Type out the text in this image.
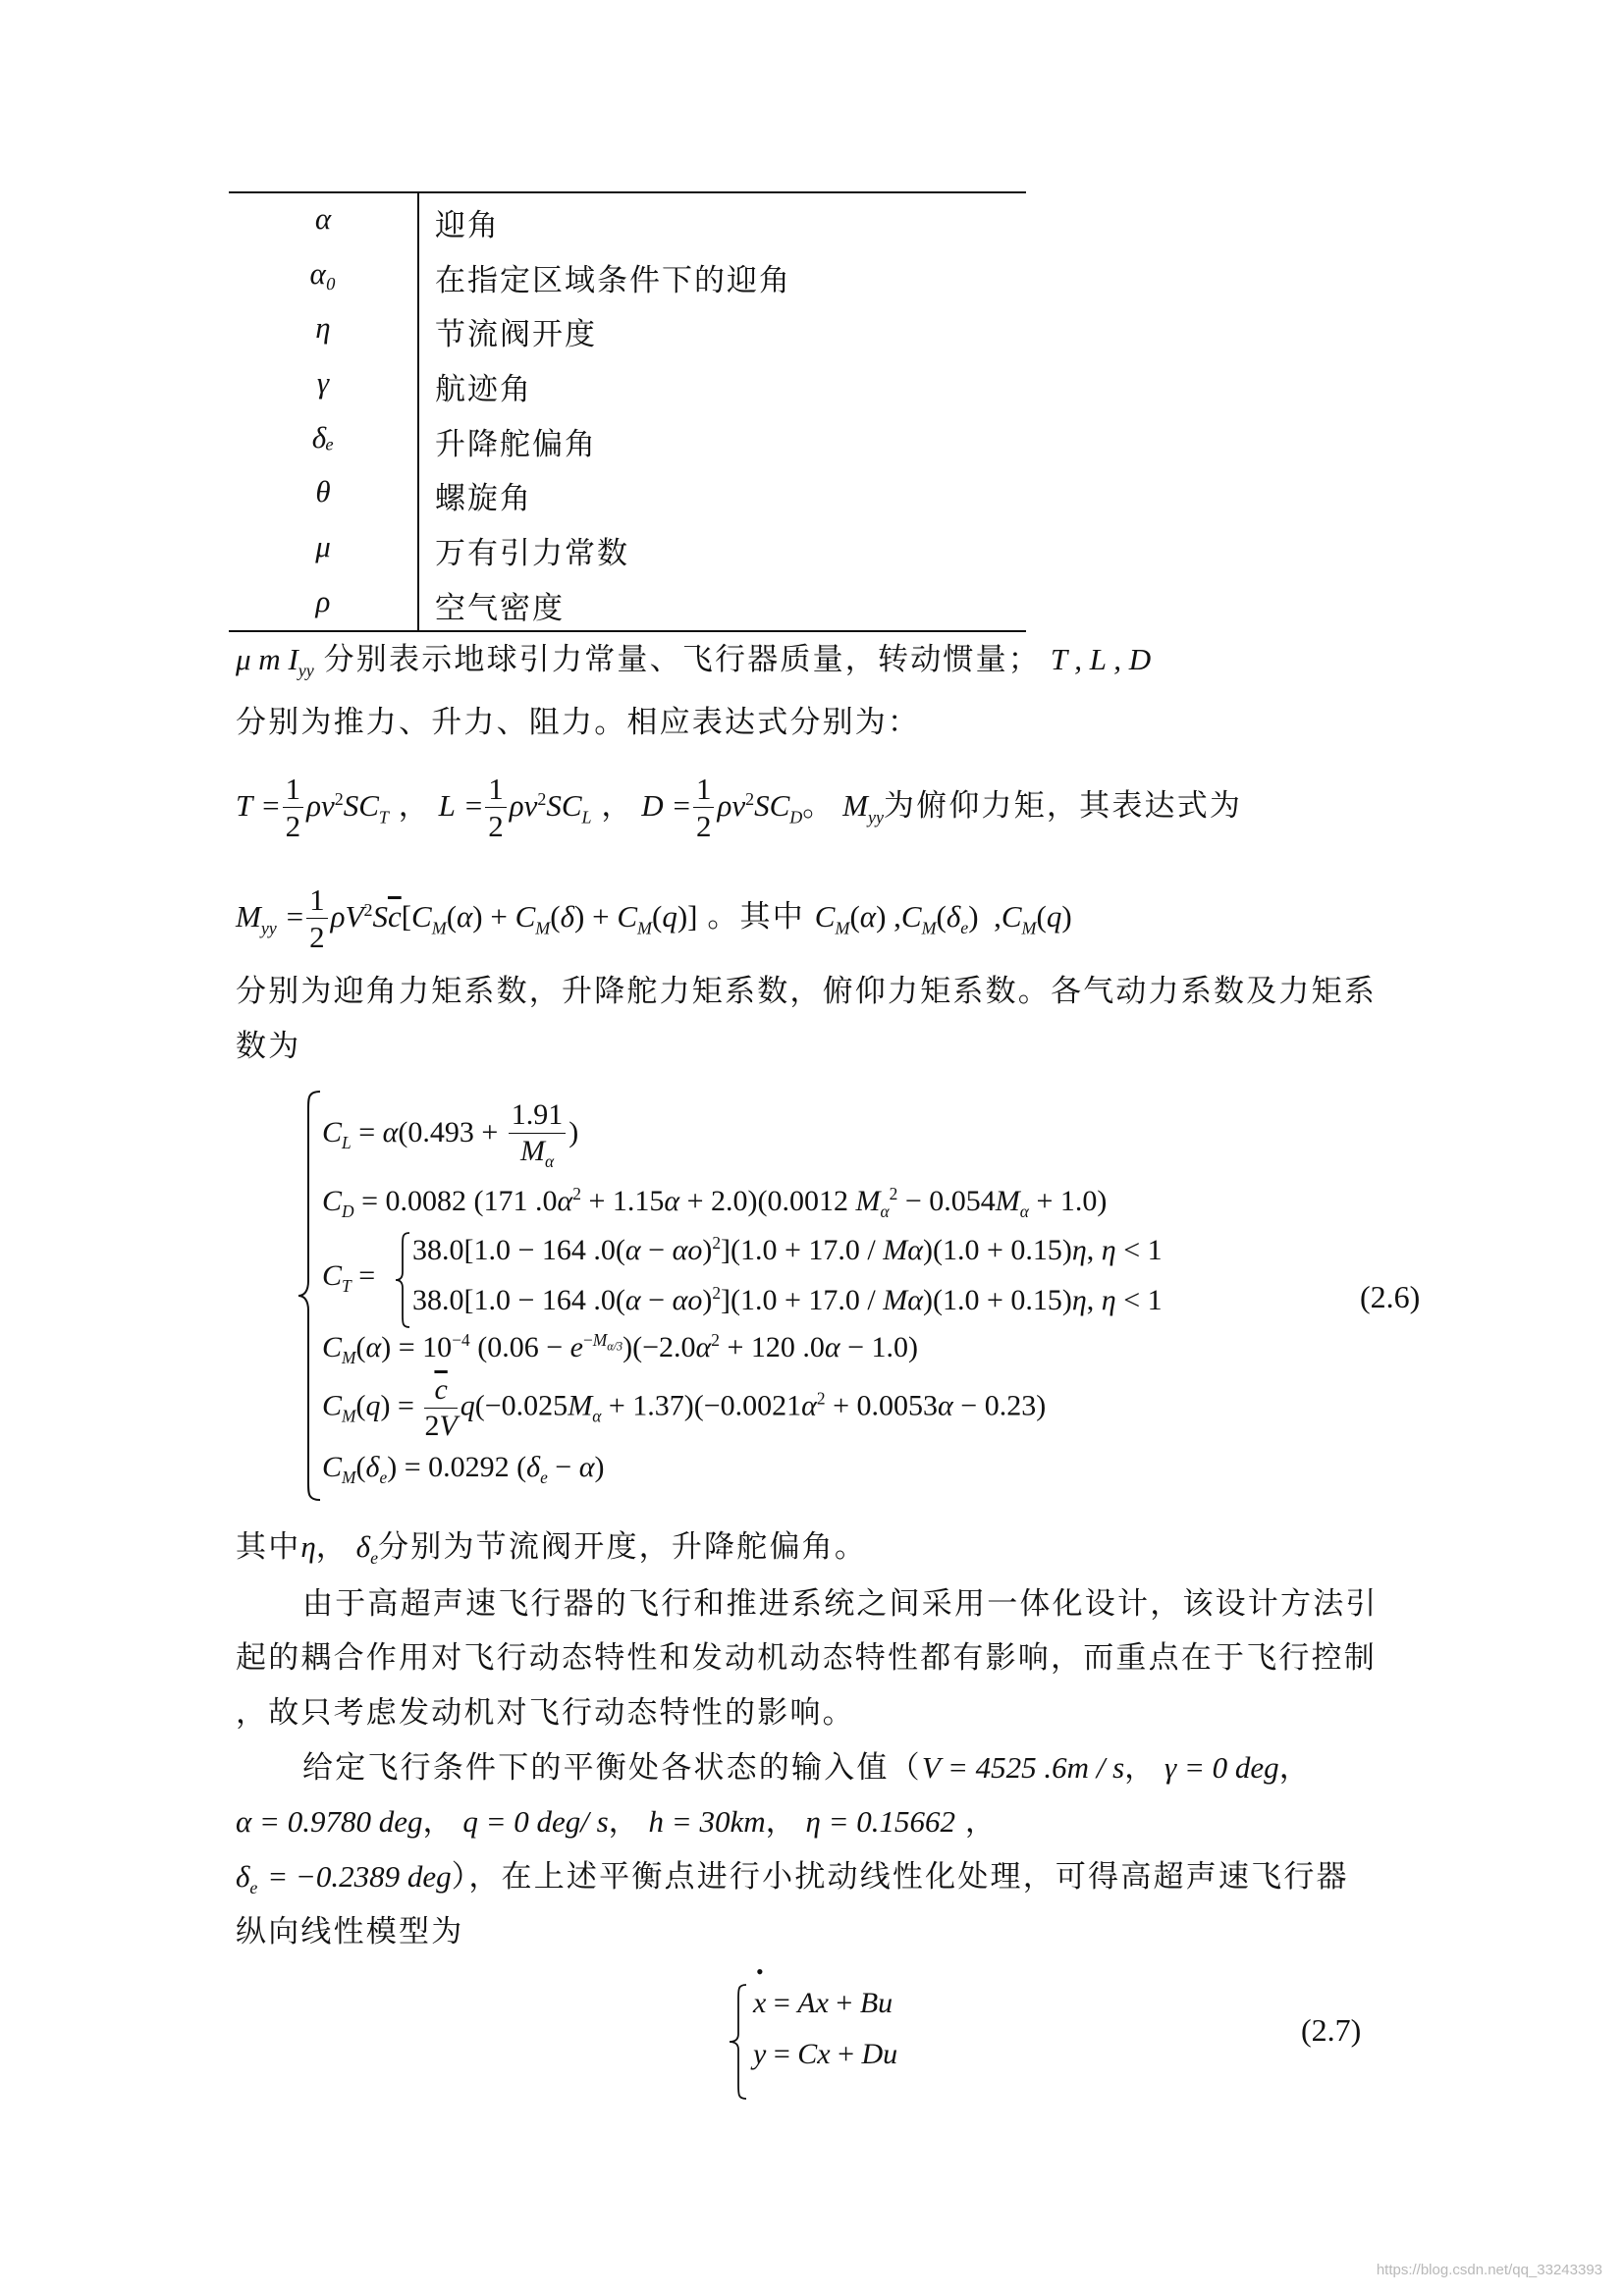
α	迎角
α₀	在指定区域条件下的迎角
η	节流阀开度
γ	航迹角
δₑ	升降舵偏角
θ	螺旋角
μ	万有引力常数
ρ	空气密度
μ m $I_{yy}$ 分别表示地球引力常量、飞行器质量，转动惯量； T , L , D
分别为推力、升力、阻力。相应表达式分别为：
$T = \frac{1}{2} \rho v^2SC_T$ ， $L = \frac{1}{2} \rho v^2SC_L$ ， $D = \frac{1}{2} \rho v^2SC_D$。 $M_{yy}$为俯仰力矩，其表达式为
$M_{yy} = \frac{1}{2} \rho V^2S\overline{c}[C_M(\alpha) + C_M(\delta) + C_M(q)]$ 。其中 $C_M(\alpha)$ $,C_M(\delta_e)$  $,C_M(q)$
分别为迎角力矩系数，升降舵力矩系数，俯仰力矩系数。各气动力系数及力矩系
数为
$C_L = \alpha(0.493 + \frac{1.91}{M_\alpha}$ )
$C_D = 0.0082$ (171 $.0\alpha^2 + 1.15\alpha + 2.0)(0.0012$ $M_\alpha^2 - 0.054M_\alpha + 1.0$)
$C_T$ =
38.0[1.0 − 164 $.0(\alpha - \alpha o)^2](1.0 + 17.0 / M\alpha)(1.0 + 0.15)\eta$, η < 1
38.0[1.0 − 164 $.0(\alpha - \alpha o)^2](1.0 + 17.0 / M\alpha)(1.0 + 0.15)\eta$, η < 1
$C_M(\alpha) = 10^{-4}$ $(0.06 - e^{-M_{\alpha/3}})(-2.0\alpha^2 + 120$ .0α − 1.0)
$C_M(q) = \frac{\overline{c}}{2V} q(-0.025M_\alpha + 1.37)(-0.0021\alpha^2 + 0.0053\alpha - 0.23)$
$C_M(\delta_e) = 0.0292$ $(\delta_e - \alpha)$
(2.6)
其中η， $\delta_e$分别为节流阀开度，升降舵偏角。
由于高超声速飞行器的飞行和推进系统之间采用一体化设计，该设计方法引
起的耦合作用对飞行动态特性和发动机动态特性都有影响，而重点在于飞行控制
，故只考虑发动机对飞行动态特性的影响。
给定飞行条件下的平衡处各状态的输入值（V = 4525 .6m / s， γ = 0 deg，
α = 0.9780 deg， q = 0 deg/ s， h = 30km， η = 0.15662 ，
$\delta_e = -0.2389$ deg），在上述平衡点进行小扰动线性化处理，可得高超声速飞行器
纵向线性模型为
•
x = Ax + Bu
y = Cx + Du
(2.7)
https://blog.csdn.net/qq_33243393
